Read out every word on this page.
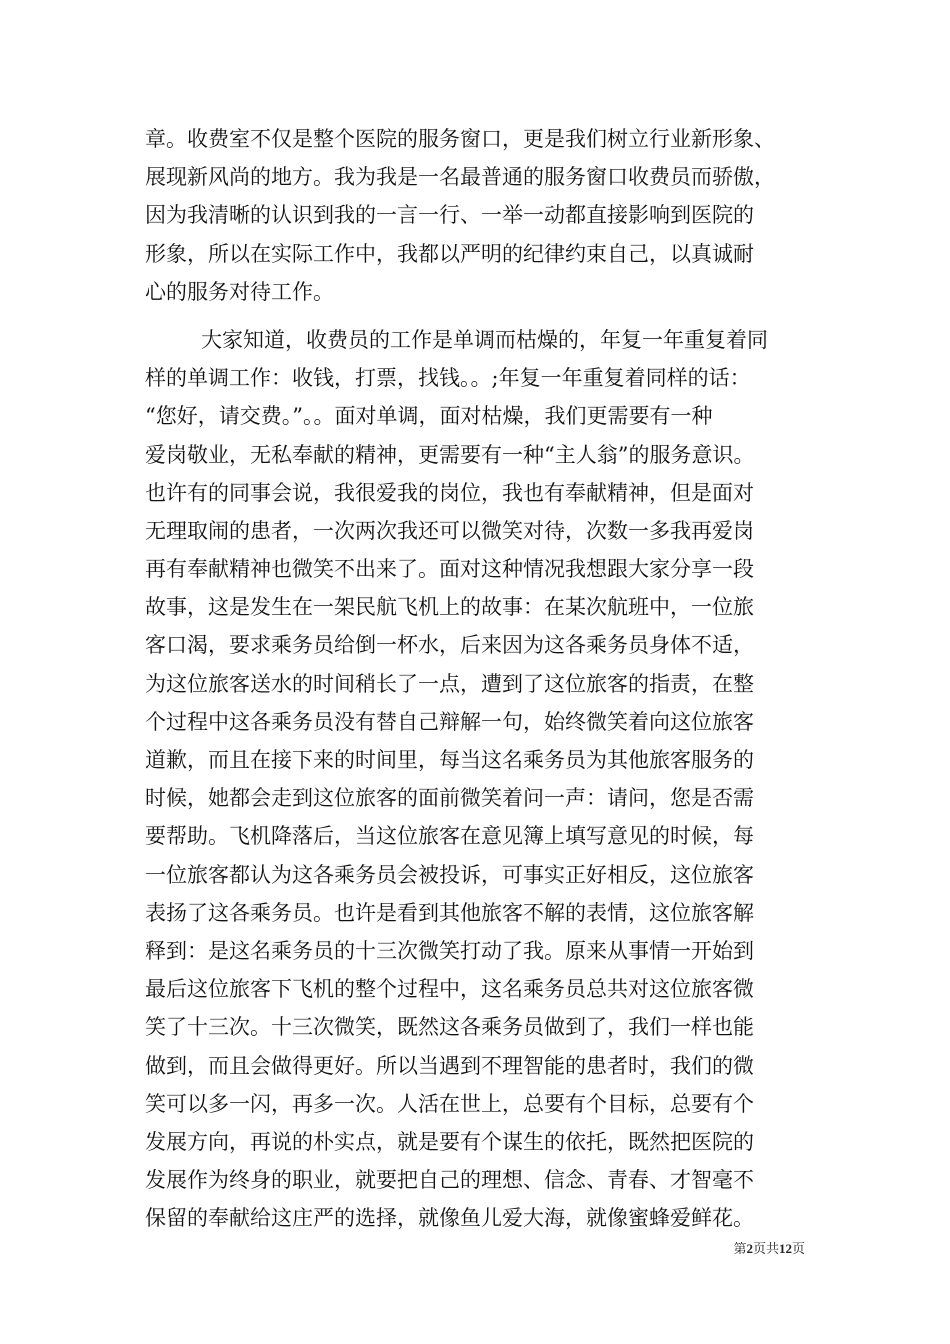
章。收费室不仅是整个医院的服务窗口，更是我们树立行业新形象、
展现新风尚的地方。我为我是一名最普通的服务窗口收费员而骄傲，
因为我清晰的认识到我的一言一行、一举一动都直接影响到医院的
形象，所以在实际工作中，我都以严明的纪律约束自己，以真诚耐
心的服务对待工作。
大家知道，收费员的工作是单调而枯燥的，年复一年重复着同
样的单调工作：收钱，打票，找钱。。;年复一年重复着同样的话：
“您好，请交费。”。。面对单调，面对枯燥，我们更需要有一种
爱岗敬业，无私奉献的精神，更需要有一种“主人翁”的服务意识。
也许有的同事会说，我很爱我的岗位，我也有奉献精神，但是面对
无理取闹的患者，一次两次我还可以微笑对待，次数一多我再爱岗
再有奉献精神也微笑不出来了。面对这种情况我想跟大家分享一段
故事，这是发生在一架民航飞机上的故事：在某次航班中，一位旅
客口渴，要求乘务员给倒一杯水，后来因为这各乘务员身体不适，
为这位旅客送水的时间稍长了一点，遭到了这位旅客的指责，在整
个过程中这各乘务员没有替自己辩解一句，始终微笑着向这位旅客
道歉，而且在接下来的时间里，每当这名乘务员为其他旅客服务的
时候，她都会走到这位旅客的面前微笑着问一声：请问，您是否需
要帮助。飞机降落后，当这位旅客在意见簿上填写意见的时候，每
一位旅客都认为这各乘务员会被投诉，可事实正好相反，这位旅客
表扬了这各乘务员。也许是看到其他旅客不解的表情，这位旅客解
释到：是这名乘务员的十三次微笑打动了我。原来从事情一开始到
最后这位旅客下飞机的整个过程中，这名乘务员总共对这位旅客微
笑了十三次。十三次微笑，既然这各乘务员做到了，我们一样也能
做到，而且会做得更好。所以当遇到不理智能的患者时，我们的微
笑可以多一闪，再多一次。人活在世上，总要有个目标，总要有个
发展方向，再说的朴实点，就是要有个谋生的依托，既然把医院的
发展作为终身的职业，就要把自己的理想、信念、青春、才智毫不
保留的奉献给这庄严的选择，就像鱼儿爱大海，就像蜜蜂爱鲜花。
第2页共12页
